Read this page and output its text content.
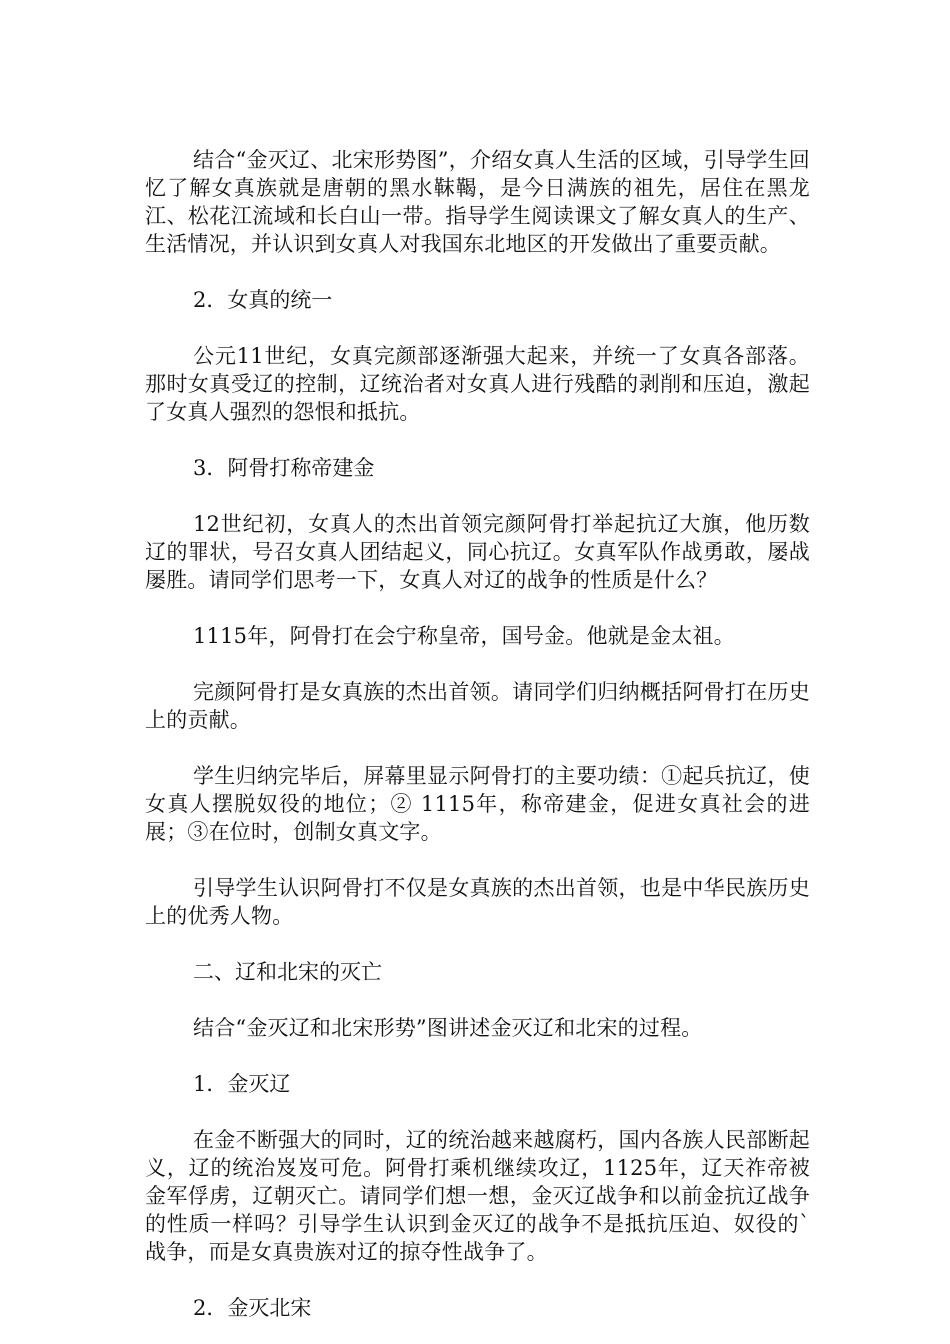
结合“金灭辽、北宋形势图”，介绍女真人生活的区域，引导学生回忆了解女真族就是唐朝的黑水靺鞨，是今日满族的祖先，居住在黑龙江、松花江流域和长白山一带。指导学生阅读课文了解女真人的生产、生活情况，并认识到女真人对我国东北地区的开发做出了重要贡献。

2．女真的统一

公元11世纪，女真完颜部逐渐强大起来，并统一了女真各部落。那时女真受辽的控制，辽统治者对女真人进行残酷的剥削和压迫，激起了女真人强烈的怨恨和抵抗。

3．阿骨打称帝建金

12世纪初，女真人的杰出首领完颜阿骨打举起抗辽大旗，他历数辽的罪状，号召女真人团结起义，同心抗辽。女真军队作战勇敢，屡战屡胜。请同学们思考一下，女真人对辽的战争的性质是什么？

1115年，阿骨打在会宁称皇帝，国号金。他就是金太祖。

完颜阿骨打是女真族的杰出首领。请同学们归纳概括阿骨打在历史上的贡献。

学生归纳完毕后，屏幕里显示阿骨打的主要功绩：①起兵抗辽，使女真人摆脱奴役的地位；② 1115年，称帝建金，促进女真社会的进展；③在位时，创制女真文字。

引导学生认识阿骨打不仅是女真族的杰出首领，也是中华民族历史上的优秀人物。

二、辽和北宋的灭亡

结合“金灭辽和北宋形势”图讲述金灭辽和北宋的过程。

1．金灭辽

在金不断强大的同时，辽的统治越来越腐朽，国内各族人民部断起义，辽的统治岌岌可危。阿骨打乘机继续攻辽，1125年，辽天祚帝被金军俘虏，辽朝灭亡。请同学们想一想，金灭辽战争和以前金抗辽战争的性质一样吗？引导学生认识到金灭辽的战争不是抵抗压迫、奴役的`战争，而是女真贵族对辽的掠夺性战争了。

2．金灭北宋
